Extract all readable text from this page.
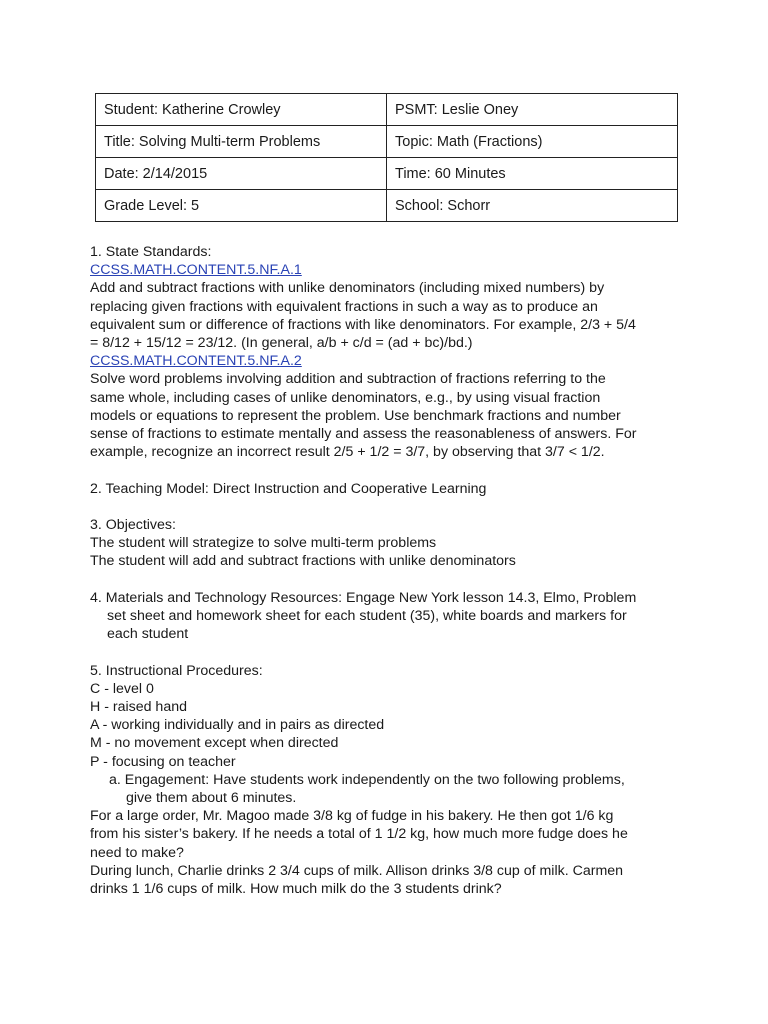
Student: Katherine Crowley	PSMT: Leslie Oney
Title: Solving Multi-term Problems	Topic: Math (Fractions)
Date: 2/14/2015	Time: 60 Minutes
Grade Level: 5	School: Schorr

1. State Standards:

CCSS.MATH.CONTENT.5.NF.A.1

Add and subtract fractions with unlike denominators (including mixed numbers) by

replacing given fractions with equivalent fractions in such a way as to produce an

equivalent sum or difference of fractions with like denominators. For example, 2/3 + 5/4

= 8/12 + 15/12 = 23/12. (In general, a/b + c/d = (ad + bc)/bd.)

CCSS.MATH.CONTENT.5.NF.A.2

Solve word problems involving addition and subtraction of fractions referring to the

same whole, including cases of unlike denominators, e.g., by using visual fraction

models or equations to represent the problem. Use benchmark fractions and number

sense of fractions to estimate mentally and assess the reasonableness of answers. For

example, recognize an incorrect result 2/5 + 1/2 = 3/7, by observing that 3/7 < 1/2.

2. Teaching Model: Direct Instruction and Cooperative Learning

3. Objectives:

The student will strategize to solve multi-term problems

The student will add and subtract fractions with unlike denominators

4. Materials and Technology Resources: Engage New York lesson 14.3, Elmo, Problem

set sheet and homework sheet for each student (35), white boards and markers for

each student

5. Instructional Procedures:

C - level 0

H - raised hand

A - working individually and in pairs as directed

M - no movement except when directed

P - focusing on teacher

a. Engagement: Have students work independently on the two following problems,

give them about 6 minutes.

For a large order, Mr. Magoo made 3/8 kg of fudge in his bakery. He then got 1/6 kg

from his sister’s bakery. If he needs a total of 1 1/2 kg, how much more fudge does he

need to make?

During lunch, Charlie drinks 2 3/4 cups of milk. Allison drinks 3/8 cup of milk. Carmen

drinks 1 1/6 cups of milk. How much milk do the 3 students drink?
